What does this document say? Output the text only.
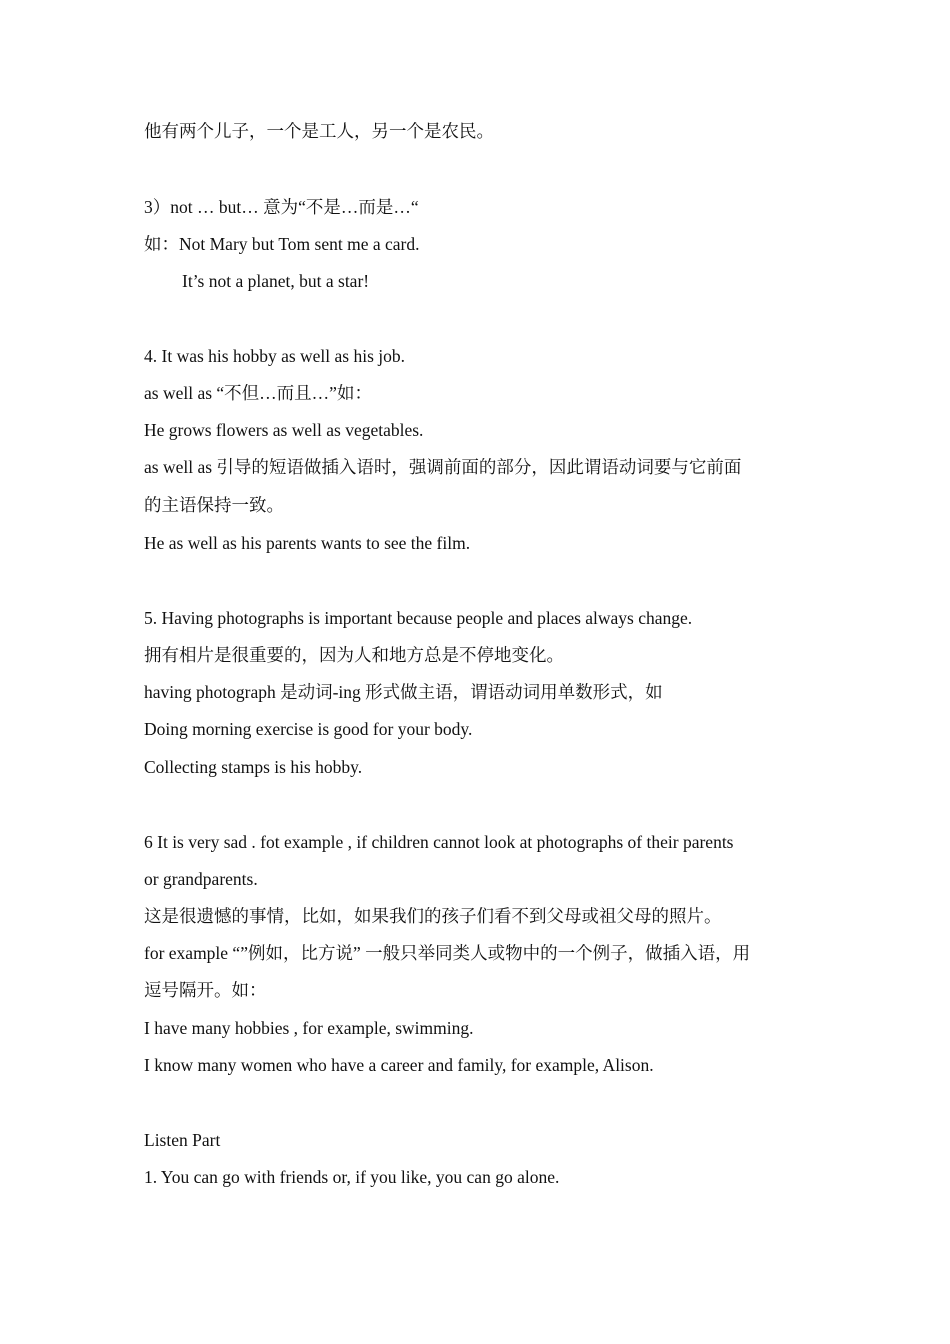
他有两个儿子，一个是工人，另一个是农民。
3）not … but… 意为“不是…而是…“
如：Not Mary but Tom sent me a card.
It’s not a planet, but a star!
4. It was his hobby as well as his job.
as well as “不但…而且…”如：
He grows flowers as well as vegetables.
as well as 引导的短语做插入语时，强调前面的部分，因此谓语动词要与它前面
的主语保持一致。
He as well as his parents wants to see the film.
5. Having photographs is important because people and places always change.
拥有相片是很重要的，因为人和地方总是不停地变化。
having photograph 是动词-ing 形式做主语，谓语动词用单数形式，如
Doing morning exercise is good for your body.
Collecting stamps is his hobby.
6 It is very sad . fot example , if children cannot look at photographs of their parents
or grandparents.
这是很遗憾的事情，比如，如果我们的孩子们看不到父母或祖父母的照片。
for example “”例如，比方说” 一般只举同类人或物中的一个例子，做插入语，用
逗号隔开。如：
I have many hobbies , for example, swimming.
I know many women who have a career and family, for example, Alison.
Listen Part
1. You can go with friends or, if you like, you can go alone.
